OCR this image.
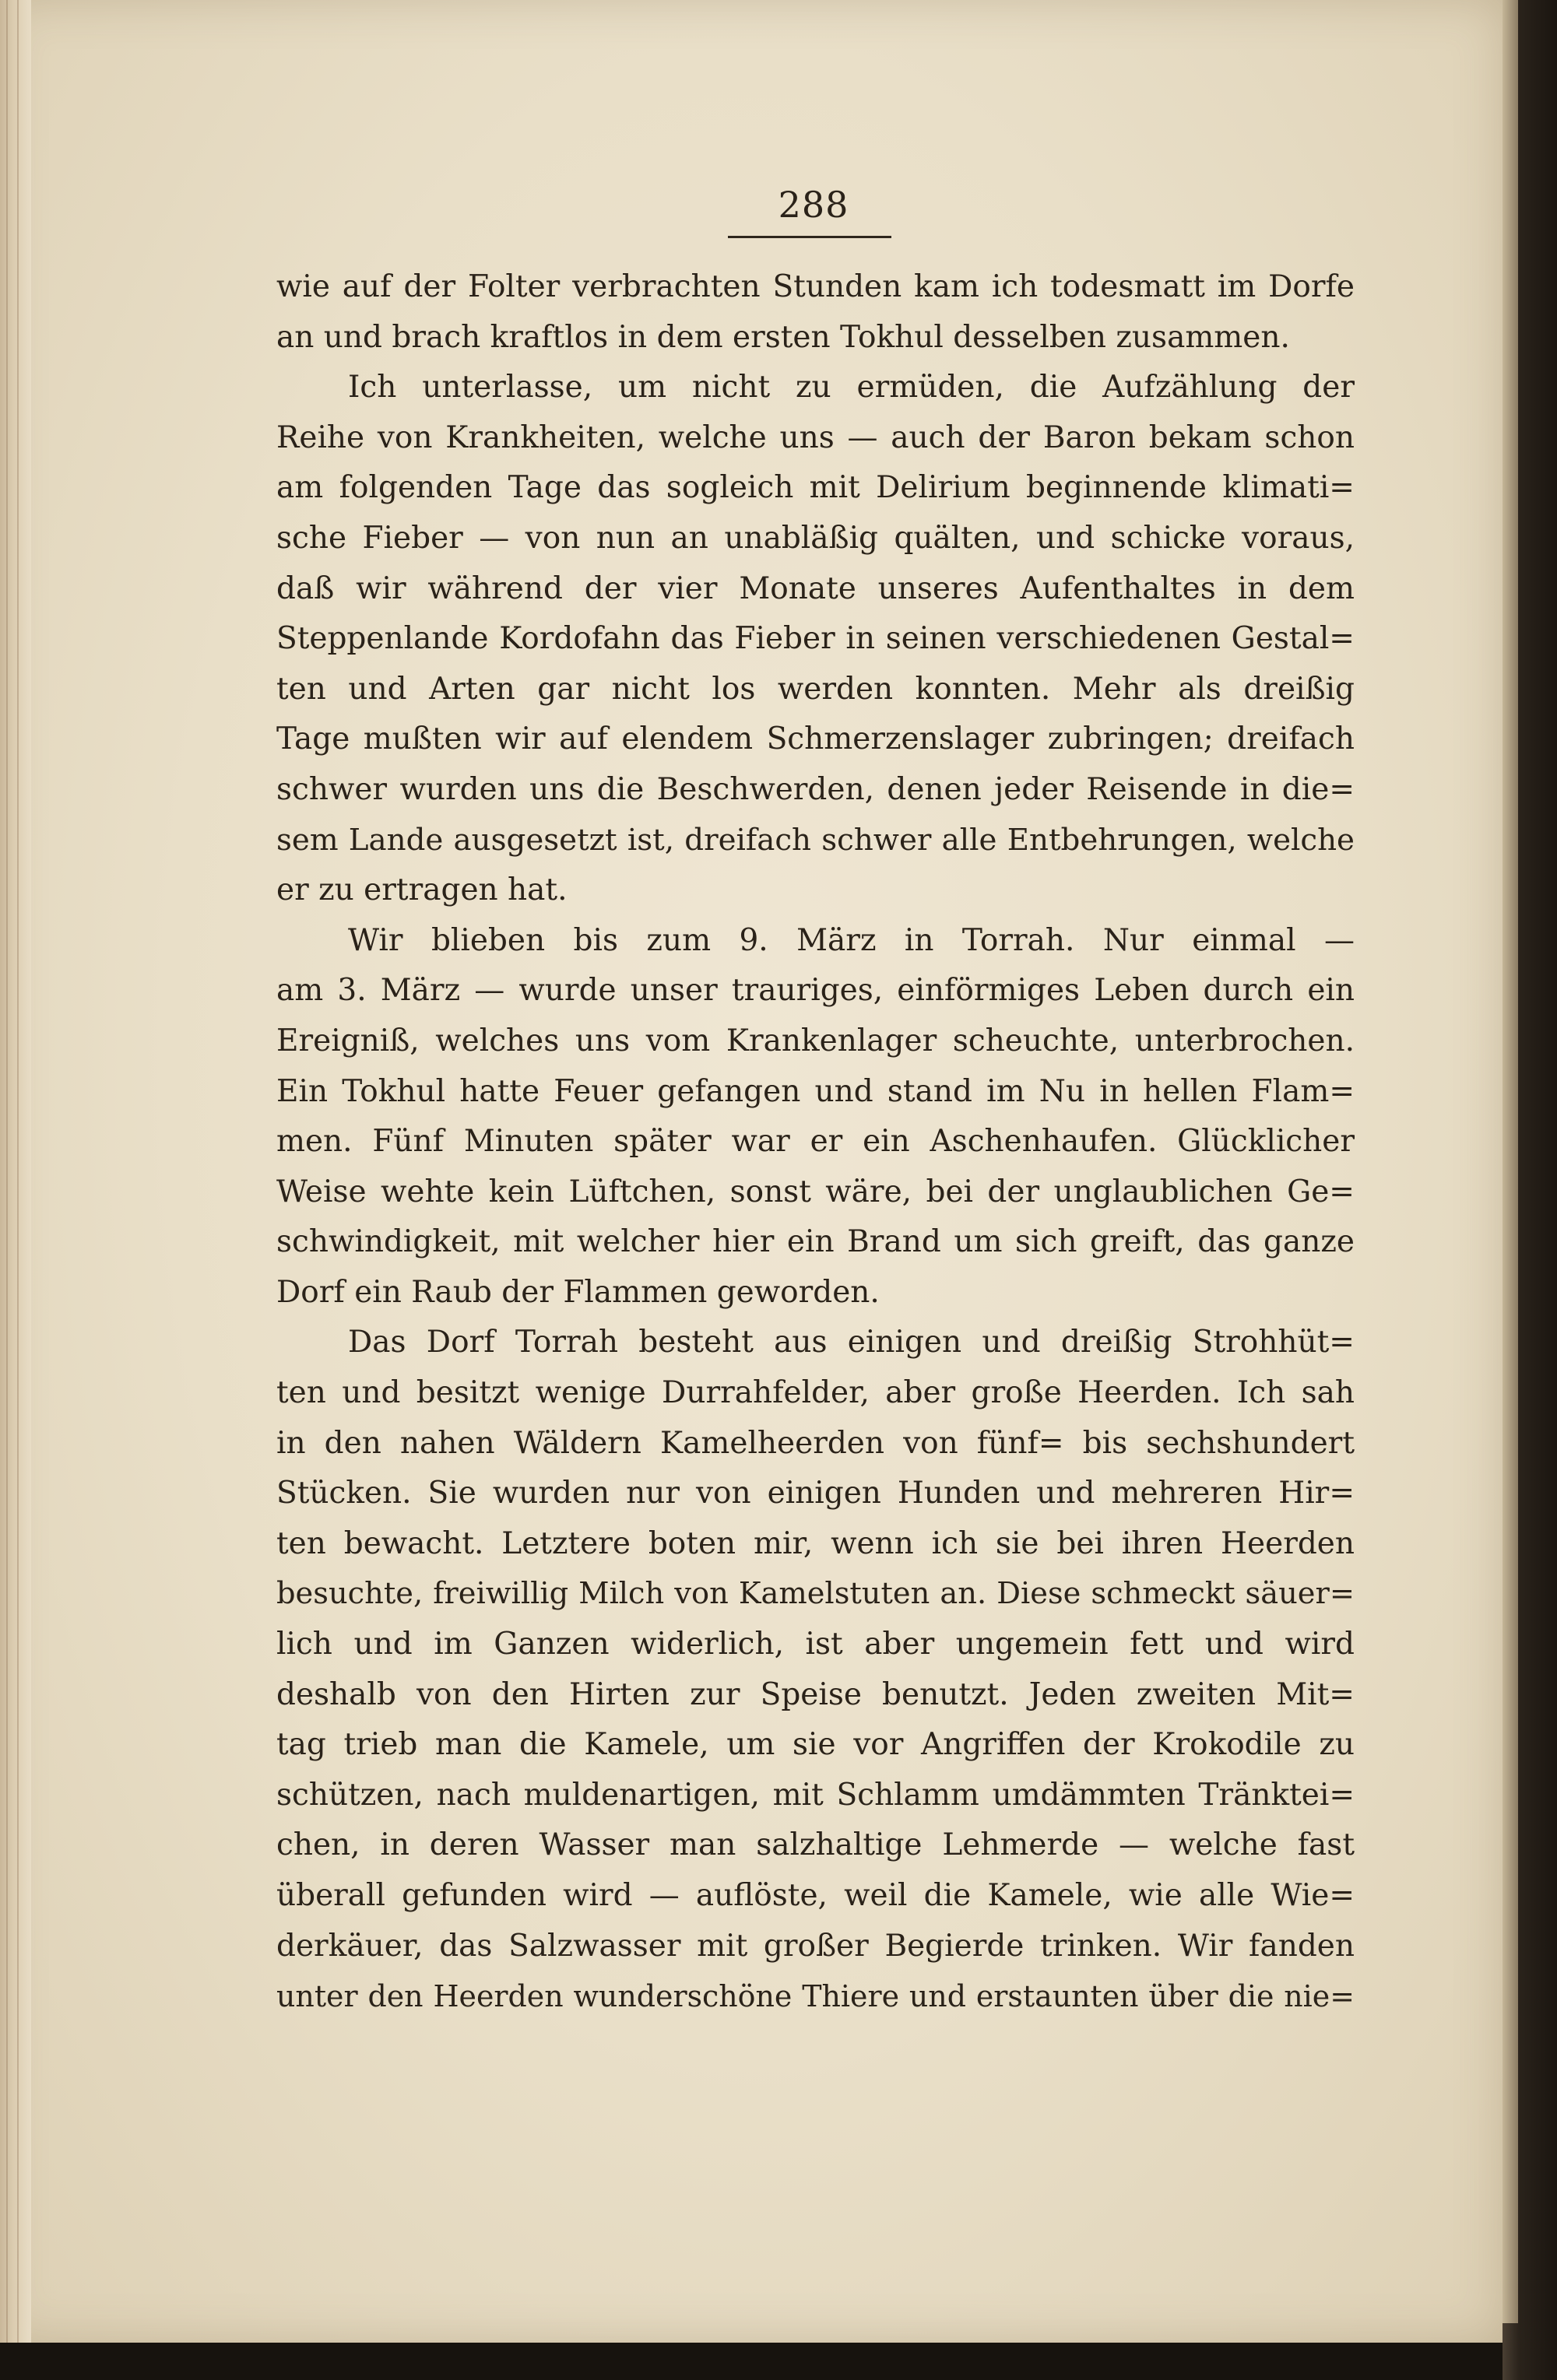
288
wie auf der Folter verbrachten Stunden kam ich todesmatt im Dorfe
an und brach kraftlos in dem ersten Tokhul desselben zusammen.
Ich unterlasse, um nicht zu ermüden, die Aufzählung der
Reihe von Krankheiten, welche uns — auch der Baron bekam schon
am folgenden Tage das sogleich mit Delirium beginnende klimati=
sche Fieber — von nun an unabläßig quälten, und schicke voraus,
daß wir während der vier Monate unseres Aufenthaltes in dem
Steppenlande Kordofahn das Fieber in seinen verschiedenen Gestal=
ten und Arten gar nicht los werden konnten. Mehr als dreißig
Tage mußten wir auf elendem Schmerzenslager zubringen; dreifach
schwer wurden uns die Beschwerden, denen jeder Reisende in die=
sem Lande ausgesetzt ist, dreifach schwer alle Entbehrungen, welche
er zu ertragen hat.
Wir blieben bis zum 9. März in Torrah. Nur einmal —
am 3. März — wurde unser trauriges, einförmiges Leben durch ein
Ereigniß, welches uns vom Krankenlager scheuchte, unterbrochen.
Ein Tokhul hatte Feuer gefangen und stand im Nu in hellen Flam=
men. Fünf Minuten später war er ein Aschenhaufen. Glücklicher
Weise wehte kein Lüftchen, sonst wäre, bei der unglaublichen Ge=
schwindigkeit, mit welcher hier ein Brand um sich greift, das ganze
Dorf ein Raub der Flammen geworden.
Das Dorf Torrah besteht aus einigen und dreißig Strohhüt=
ten und besitzt wenige Durrahfelder, aber große Heerden. Ich sah
in den nahen Wäldern Kamelheerden von fünf= bis sechshundert
Stücken. Sie wurden nur von einigen Hunden und mehreren Hir=
ten bewacht. Letztere boten mir, wenn ich sie bei ihren Heerden
besuchte, freiwillig Milch von Kamelstuten an. Diese schmeckt säuer=
lich und im Ganzen widerlich, ist aber ungemein fett und wird
deshalb von den Hirten zur Speise benutzt. Jeden zweiten Mit=
tag trieb man die Kamele, um sie vor Angriffen der Krokodile zu
schützen, nach muldenartigen, mit Schlamm umdämmten Tränktei=
chen, in deren Wasser man salzhaltige Lehmerde — welche fast
überall gefunden wird — auflöste, weil die Kamele, wie alle Wie=
derkäuer, das Salzwasser mit großer Begierde trinken. Wir fanden
unter den Heerden wunderschöne Thiere und erstaunten über die nie=
